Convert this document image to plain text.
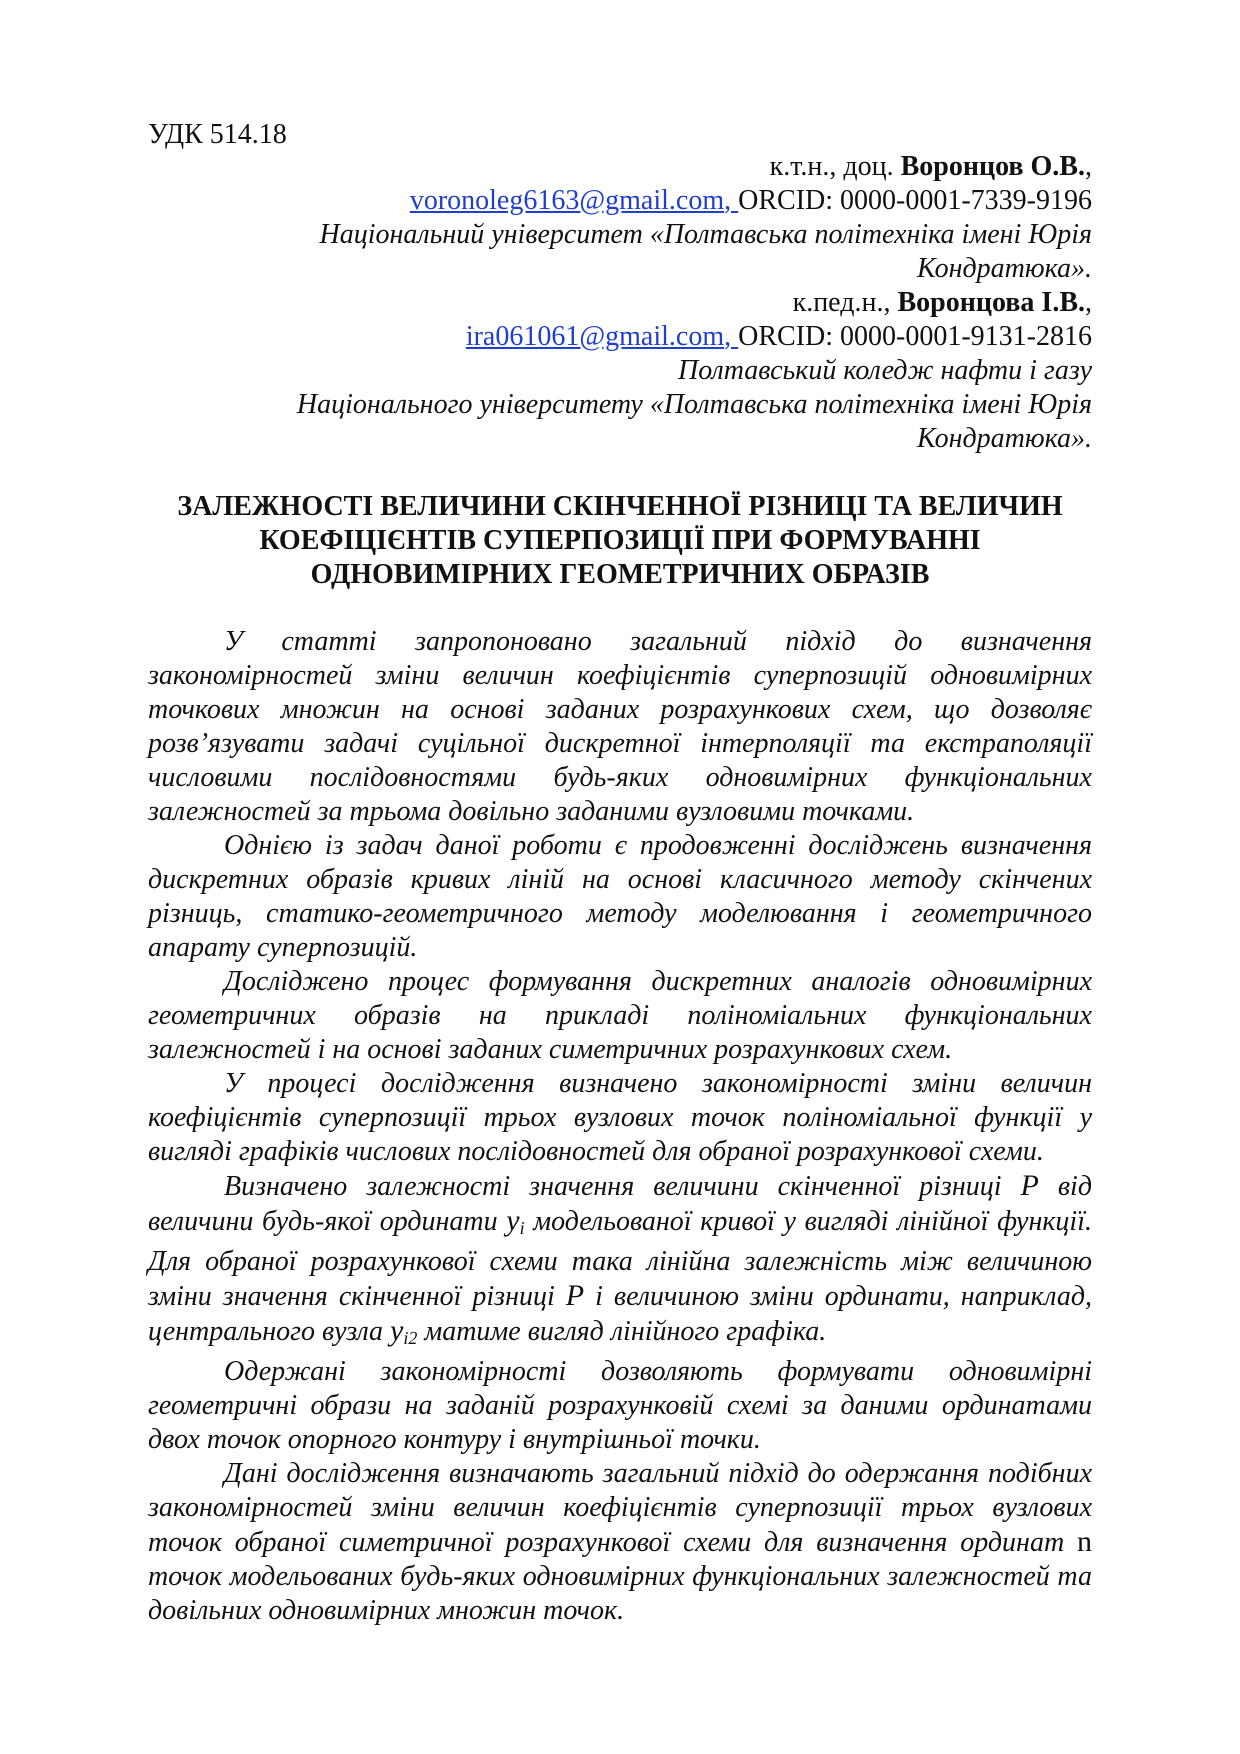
УДК 514.18
к.т.н., доц. Воронцов О.В.,
voronoleg6163@gmail.com, ORCID: 0000-0001-7339-9196
Національний університет «Полтавська політехніка імені Юрія
Кондратюка».
к.пед.н., Воронцова І.В.,
ira061061@gmail.com, ORCID: 0000-0001-9131-2816
Полтавський коледж нафти і газу
Національного університету «Полтавська політехніка імені Юрія
Кондратюка».
ЗАЛЕЖНОСТІ ВЕЛИЧИНИ СКІНЧЕННОЇ РІЗНИЦІ ТА ВЕЛИЧИН КОЕФІЦІЄНТІВ СУПЕРПОЗИЦІЇ ПРИ ФОРМУВАННІ ОДНОВИМІРНИХ ГЕОМЕТРИЧНИХ ОБРАЗІВ

У статті запропоновано загальний підхід до визначення закономірностей зміни величин коефіцієнтів суперпозицій одновимірних точкових множин на основі заданих розрахункових схем, що дозволяє розв’язувати задачі суцільної дискретної інтерполяції та екстраполяції числовими послідовностями будь-яких одновимірних функціональних залежностей за трьома довільно заданими вузловими точками.

Однією із задач даної роботи є продовженні досліджень визначення дискретних образів кривих ліній на основі класичного методу скінчених різниць, статико-геометричного методу моделювання і геометричного апарату суперпозицій.

Досліджено процес формування дискретних аналогів одновимірних геометричних образів на прикладі поліноміальних функціональних залежностей і на основі заданих симетричних розрахункових схем.

У процесі дослідження визначено закономірності зміни величин коефіцієнтів суперпозиції трьох вузлових точок поліноміальної функції у вигляді графіків числових послідовностей для обраної розрахункової схеми.

Визначено залежності значення величини скінченної різниці P від величини будь-якої ординати $y_i$ модельованої кривої у вигляді лінійної функції. Для обраної розрахункової схеми така лінійна залежність між величиною зміни значення скінченної різниці P і величиною зміни ординати, наприклад, центрального вузла $y_{i2}$ матиме вигляд лінійного графіка.

Одержані закономірності дозволяють формувати одновимірні геометричні образи на заданій розрахунковій схемі за даними ординатами двох точок опорного контуру і внутрішньої точки.

Дані дослідження визначають загальний підхід до одержання подібних закономірностей зміни величин коефіцієнтів суперпозиції трьох вузлових точок обраної симетричної розрахункової схеми для визначення ординат n точок модельованих будь-яких одновимірних функціональних залежностей та довільних одновимірних множин точок.
